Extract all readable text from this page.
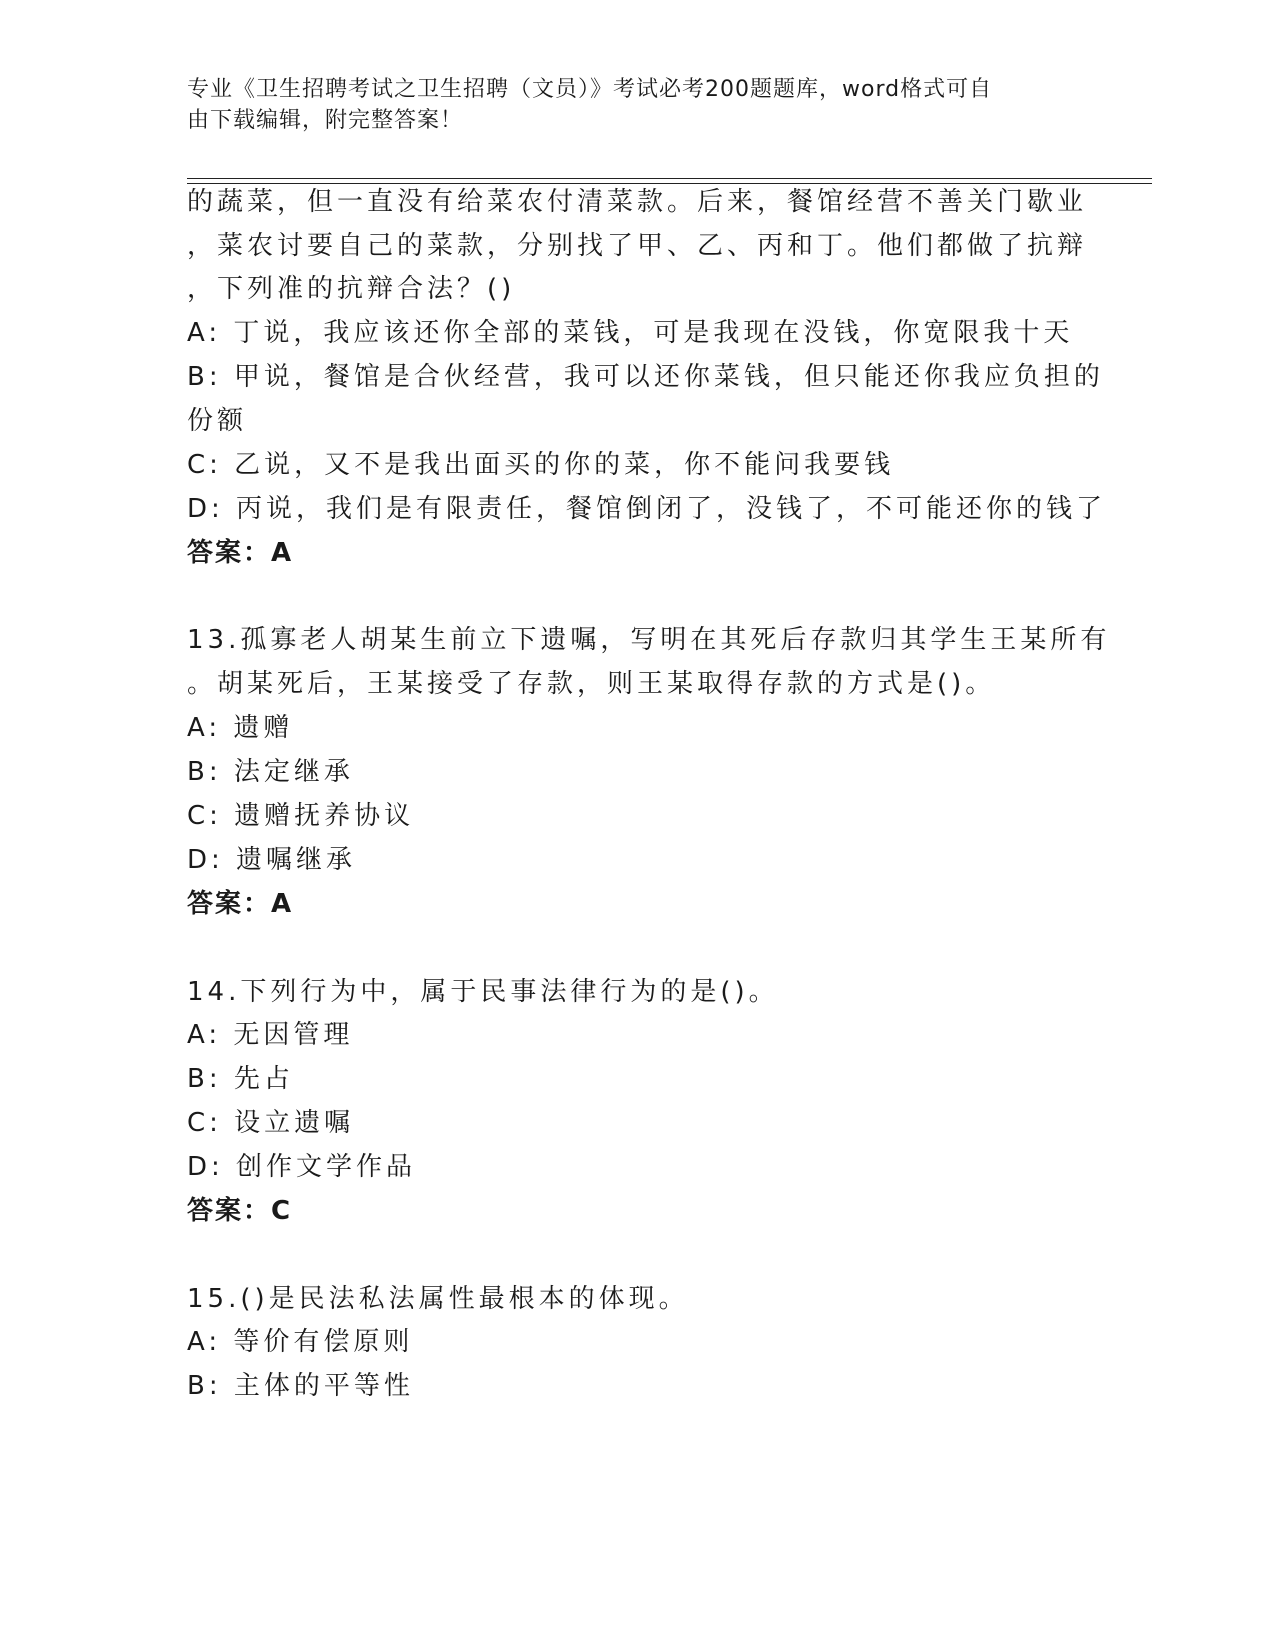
专业《卫生招聘考试之卫生招聘（文员）》考试必考200题题库，word格式可自
由下载编辑，附完整答案！
的蔬菜，但一直没有给菜农付清菜款。后来，餐馆经营不善关门歇业
，菜农讨要自己的菜款，分别找了甲、乙、丙和丁。他们都做了抗辩
，下列准的抗辩合法？()
A: 丁说，我应该还你全部的菜钱，可是我现在没钱，你宽限我十天
B: 甲说，餐馆是合伙经营，我可以还你菜钱，但只能还你我应负担的
份额
C: 乙说，又不是我出面买的你的菜，你不能问我要钱
D: 丙说，我们是有限责任，餐馆倒闭了，没钱了，不可能还你的钱了
答案：A
13.孤寡老人胡某生前立下遗嘱，写明在其死后存款归其学生王某所有
。胡某死后，王某接受了存款，则王某取得存款的方式是()。
A: 遗赠
B: 法定继承
C: 遗赠抚养协议
D: 遗嘱继承
答案：A
14.下列行为中，属于民事法律行为的是()。
A: 无因管理
B: 先占
C: 设立遗嘱
D: 创作文学作品
答案：C
15.()是民法私法属性最根本的体现。
A: 等价有偿原则
B: 主体的平等性
